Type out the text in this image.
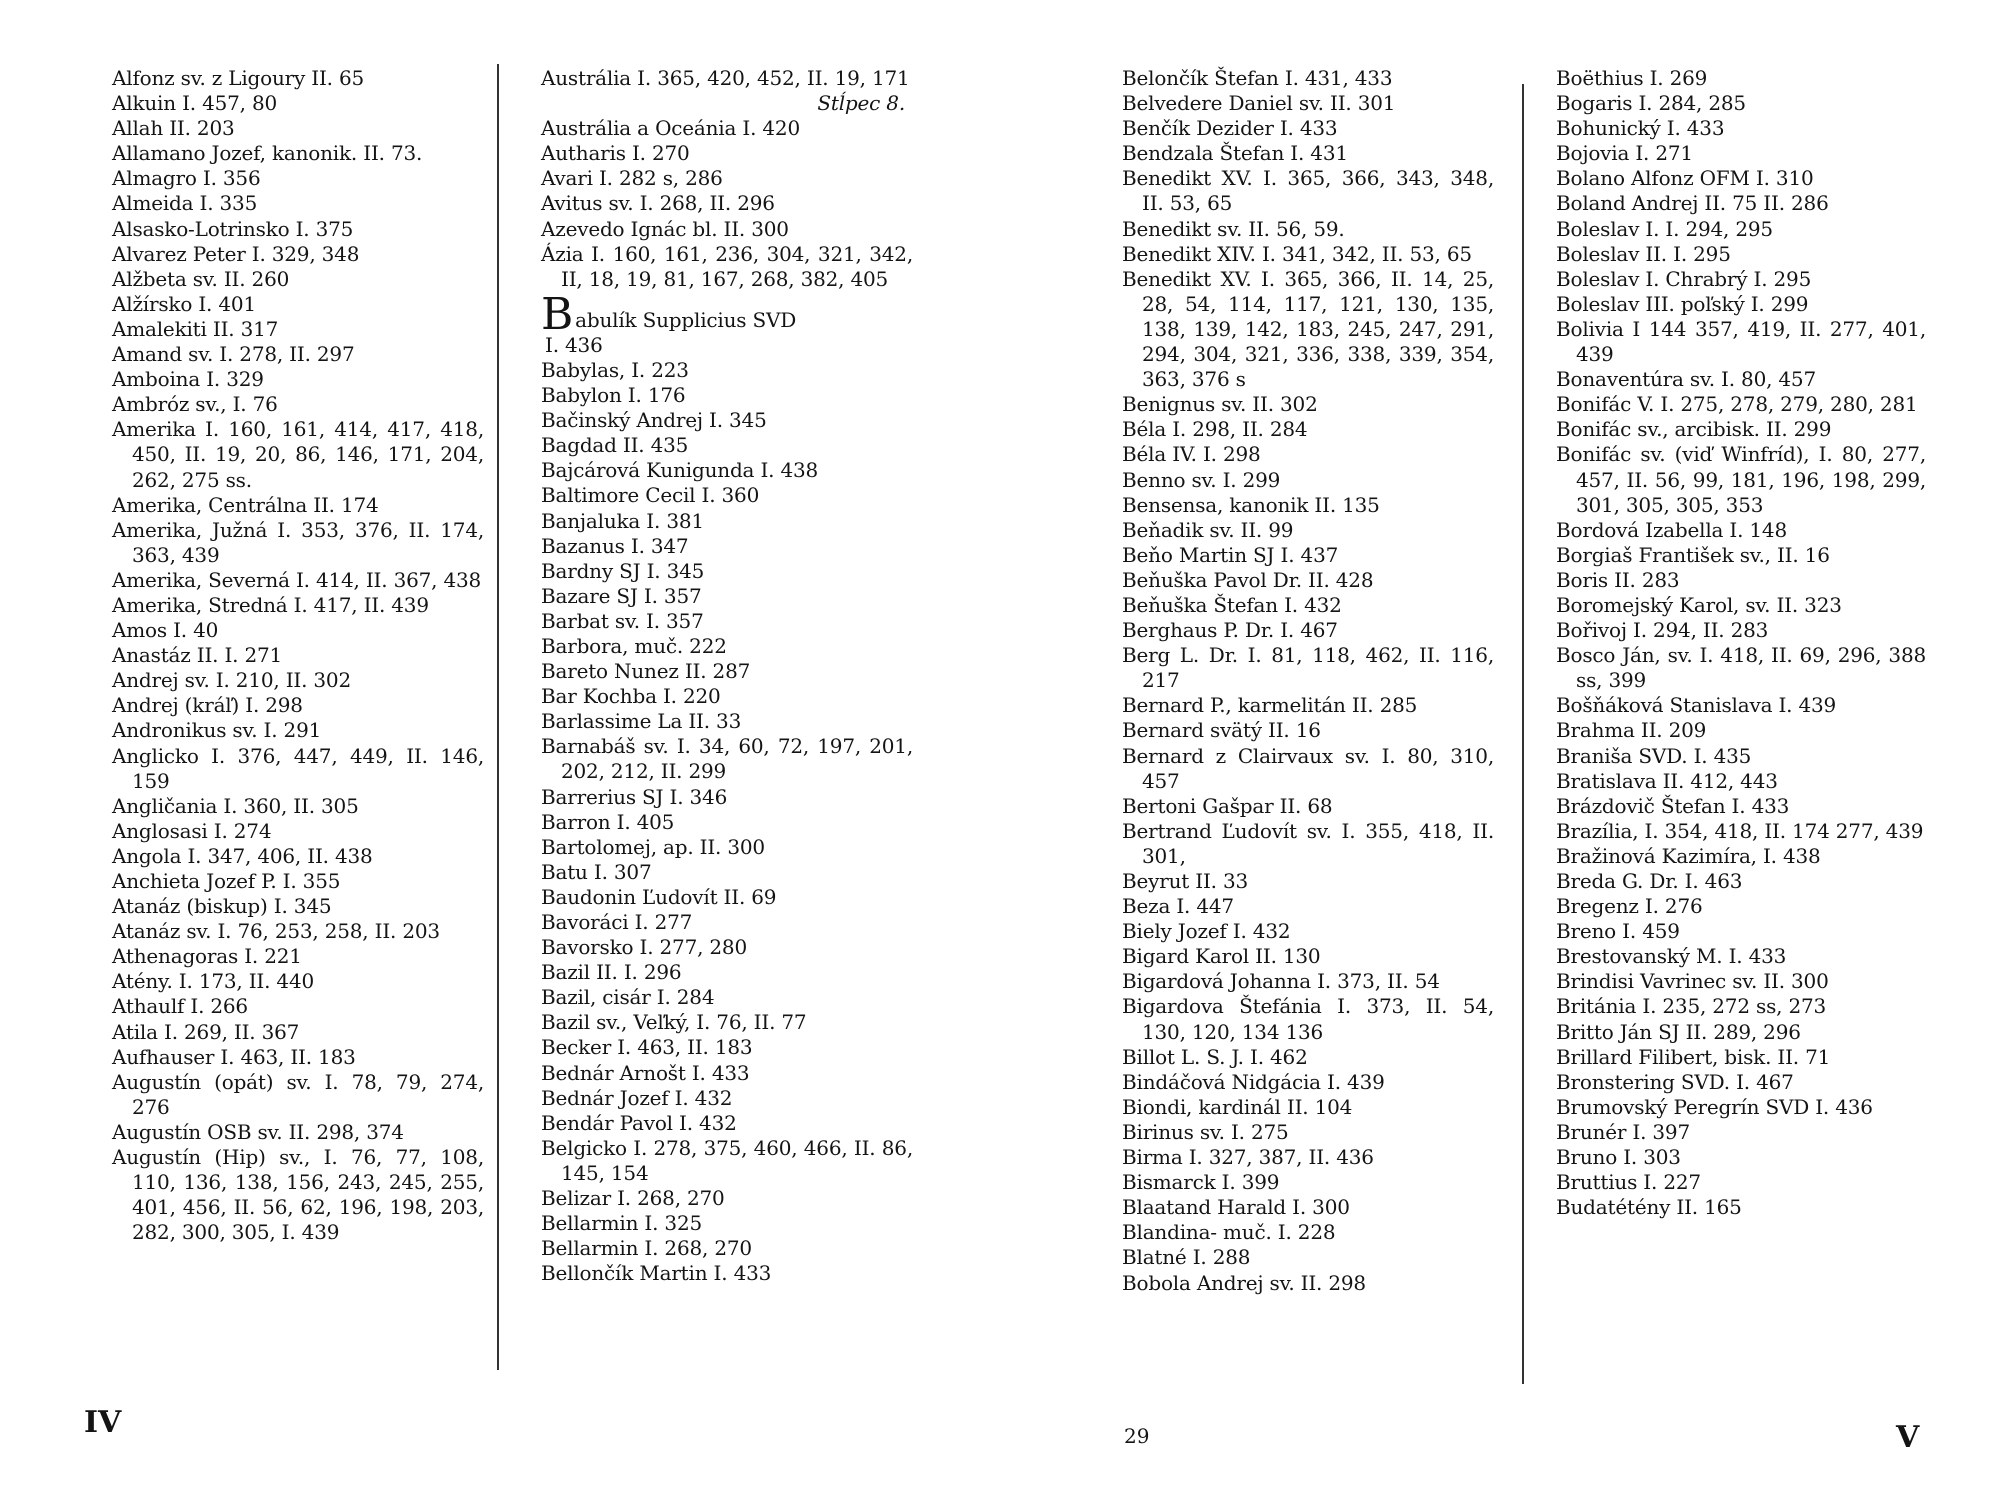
Alfonz sv. z Ligoury II. 65
Alkuin I. 457, 80
Allah II. 203
Allamano Jozef, kanonik. II. 73.
Almagro I. 356
Almeida I. 335
Alsasko-Lotrinsko I. 375
Alvarez Peter I. 329, 348
Alžbeta sv. II. 260
Alžírsko I. 401
Amalekiti II. 317
Amand sv. I. 278, II. 297
Amboina I. 329
Ambróz sv., I. 76
Amerika I. 160, 161, 414, 417, 418, 450, II. 19, 20, 86, 146, 171, 204, 262, 275 ss.
Amerika, Centrálna II. 174
Amerika, Južná I. 353, 376, II. 174, 363, 439
Amerika, Severná I. 414, II. 367, 438
Amerika, Stredná I. 417, II. 439
Amos I. 40
Anastáz II. I. 271
Andrej sv. I. 210, II. 302
Andrej (kráľ) I. 298
Andronikus sv. I. 291
Anglicko I. 376, 447, 449, II. 146, 159
Angličania I. 360, II. 305
Anglosasi I. 274
Angola I. 347, 406, II. 438
Anchieta Jozef P. I. 355
Atanáz (biskup) I. 345
Atanáz sv. I. 76, 253, 258, II. 203
Athenagoras I. 221
Atény. I. 173, II. 440
Athaulf I. 266
Atila I. 269, II. 367
Aufhauser I. 463, II. 183
Augustín (opát) sv. I. 78, 79, 274, 276
Augustín OSB sv. II. 298, 374
Augustín (Hip) sv., I. 76, 77, 108, 110, 136, 138, 156, 243, 245, 255, 401, 456, II. 56, 62, 196, 198, 203, 282, 300, 305, I. 439
Austrália I. 365, 420, 452, II. 19, 171
Stĺpec 8.
Austrália a Oceánia I. 420
Autharis I. 270
Avari I. 282 s, 286
Avitus sv. I. 268, II. 296
Azevedo Ignác bl. II. 300
Ázia I. 160, 161, 236, 304, 321, 342, II, 18, 19, 81, 167, 268, 382, 405
Babulík Supplicius SVD
I. 436
Babylas, I. 223
Babylon I. 176
Bačinský Andrej I. 345
Bagdad II. 435
Bajcárová Kunigunda I. 438
Baltimore Cecil I. 360
Banjaluka I. 381
Bazanus I. 347
Bardny SJ I. 345
Bazare SJ I. 357
Barbat sv. I. 357
Barbora, muč. 222
Bareto Nunez II. 287
Bar Kochba I. 220
Barlassime La II. 33
Barnabáš sv. I. 34, 60, 72, 197, 201, 202, 212, II. 299
Barrerius SJ I. 346
Barron I. 405
Bartolomej, ap. II. 300
Batu I. 307
Baudonin Ľudovít II. 69
Bavoráci I. 277
Bavorsko I. 277, 280
Bazil II. I. 296
Bazil, cisár I. 284
Bazil sv., Veľký, I. 76, II. 77
Becker I. 463, II. 183
Bednár Arnošt I. 433
Bednár Jozef I. 432
Bendár Pavol I. 432
Belgicko I. 278, 375, 460, 466, II. 86, 145, 154
Belizar I. 268, 270
Bellarmin I. 325
Bellarmin I. 268, 270
Bellončík Martin I. 433
Belončík Štefan I. 431, 433
Belvedere Daniel sv. II. 301
Benčík Dezider I. 433
Bendzala Štefan I. 431
Benedikt XV. I. 365, 366, 343, 348, II. 53, 65
Benedikt sv. II. 56, 59.
Benedikt XIV. I. 341, 342, II. 53, 65
Benedikt XV. I. 365, 366, II. 14, 25, 28, 54, 114, 117, 121, 130, 135, 138, 139, 142, 183, 245, 247, 291, 294, 304, 321, 336, 338, 339, 354, 363, 376 s
Benignus sv. II. 302
Béla I. 298, II. 284
Béla IV. I. 298
Benno sv. I. 299
Bensensa, kanonik II. 135
Beňadik sv. II. 99
Beňo Martin SJ I. 437
Beňuška Pavol Dr. II. 428
Beňuška Štefan I. 432
Berghaus P. Dr. I. 467
Berg L. Dr. I. 81, 118, 462, II. 116, 217
Bernard P., karmelitán II. 285
Bernard svätý II. 16
Bernard z Clairvaux sv. I. 80, 310, 457
Bertoni Gašpar II. 68
Bertrand Ľudovít sv. I. 355, 418, II. 301,
Beyrut II. 33
Beza I. 447
Biely Jozef I. 432
Bigard Karol II. 130
Bigardová Johanna I. 373, II. 54
Bigardova Štefánia I. 373, II. 54, 130, 120, 134 136
Billot L. S. J. I. 462
Bindáčová Nidgácia I. 439
Biondi, kardinál II. 104
Birinus sv. I. 275
Birma I. 327, 387, II. 436
Bismarck I. 399
Blaatand Harald I. 300
Blandina- muč. I. 228
Blatné I. 288
Bobola Andrej sv. II. 298
Boëthius I. 269
Bogaris I. 284, 285
Bohunický I. 433
Bojovia I. 271
Bolano Alfonz OFM I. 310
Boland Andrej II. 75 II. 286
Boleslav I. I. 294, 295
Boleslav II. I. 295
Boleslav I. Chrabrý I. 295
Boleslav III. poľský I. 299
Bolivia I 144 357, 419, II. 277, 401, 439
Bonaventúra sv. I. 80, 457
Bonifác V. I. 275, 278, 279, 280, 281
Bonifác sv., arcibisk. II. 299
Bonifác sv. (viď Winfríd), I. 80, 277, 457, II. 56, 99, 181, 196, 198, 299, 301, 305, 305, 353
Bordová Izabella I. 148
Borgiaš František sv., II. 16
Boris II. 283
Boromejský Karol, sv. II. 323
Bořivoj I. 294, II. 283
Bosco Ján, sv. I. 418, II. 69, 296, 388 ss, 399
Bošňáková Stanislava I. 439
Brahma II. 209
Braniša SVD. I. 435
Bratislava II. 412, 443
Brázdovič Štefan I. 433
Brazília, I. 354, 418, II. 174 277, 439
Bražinová Kazimíra, I. 438
Breda G. Dr. I. 463
Bregenz I. 276
Breno I. 459
Brestovanský M. I. 433
Brindisi Vavrinec sv. II. 300
Británia I. 235, 272 ss, 273
Britto Ján SJ II. 289, 296
Brillard Filibert, bisk. II. 71
Bronstering SVD. I. 467
Brumovský Peregrín SVD I. 436
Brunér I. 397
Bruno I. 303
Bruttius I. 227
Budatétény II. 165
IV	29	V
